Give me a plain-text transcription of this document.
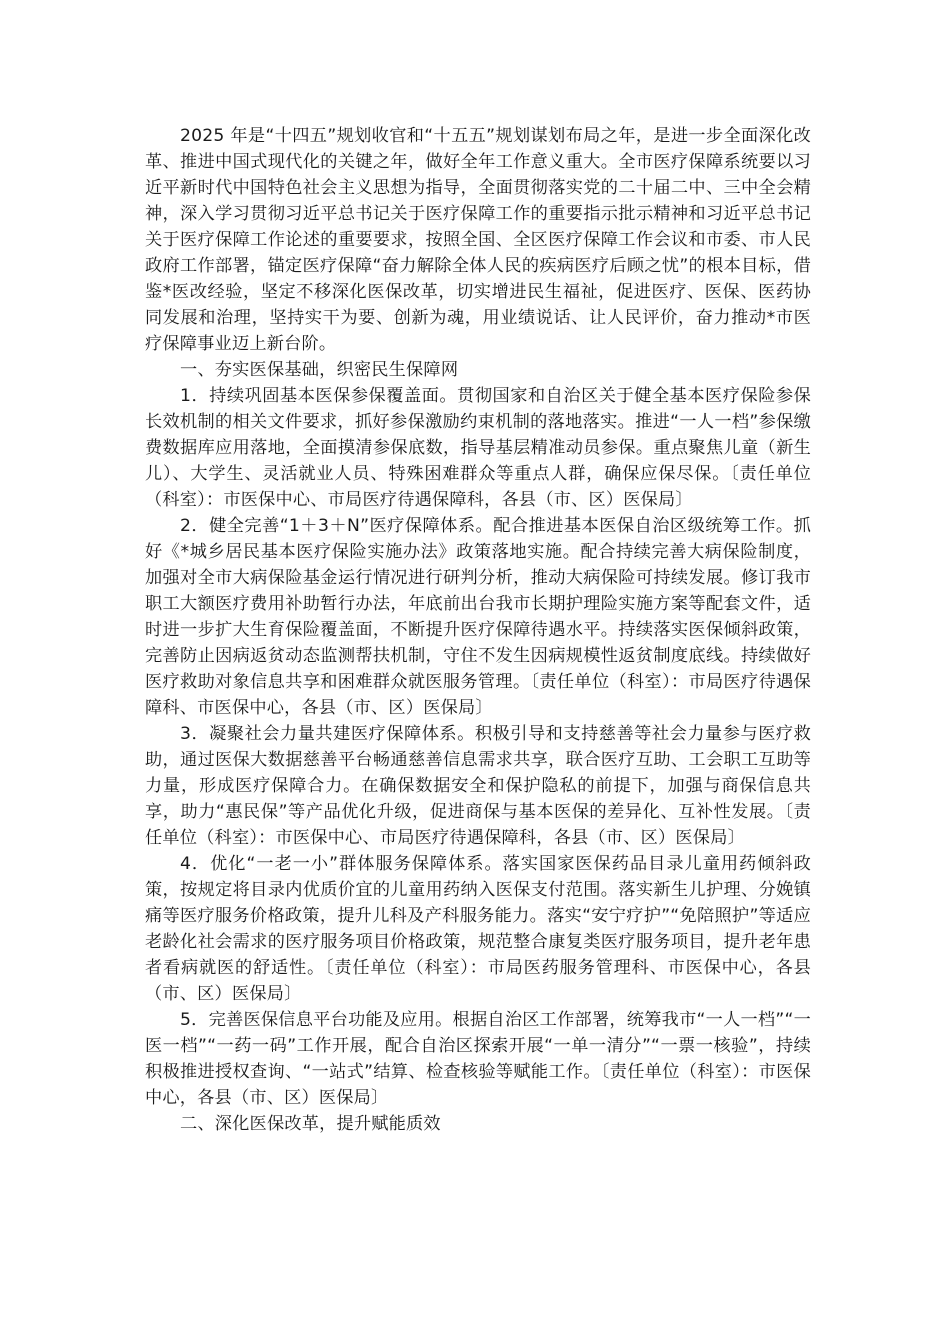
2025 年是“十四五”规划收官和“十五五”规划谋划布局之年，是进一步全面深化改革、推进中国式现代化的关键之年，做好全年工作意义重大。全市医疗保障系统要以习近平新时代中国特色社会主义思想为指导，全面贯彻落实党的二十届二中、三中全会精神，深入学习贯彻习近平总书记关于医疗保障工作的重要指示批示精神和习近平总书记关于医疗保障工作论述的重要要求，按照全国、全区医疗保障工作会议和市委、市人民政府工作部署，锚定医疗保障“奋力解除全体人民的疾病医疗后顾之忧”的根本目标，借鉴*医改经验，坚定不移深化医保改革，切实增进民生福祉，促进医疗、医保、医药协同发展和治理，坚持实干为要、创新为魂，用业绩说话、让人民评价，奋力推动*市医疗保障事业迈上新台阶。

一、夯实医保基础，织密民生保障网

1．持续巩固基本医保参保覆盖面。贯彻国家和自治区关于健全基本医疗保险参保长效机制的相关文件要求，抓好参保激励约束机制的落地落实。推进“一人一档”参保缴费数据库应用落地，全面摸清参保底数，指导基层精准动员参保。重点聚焦儿童（新生儿）、大学生、灵活就业人员、特殊困难群众等重点人群，确保应保尽保。〔责任单位（科室）：市医保中心、市局医疗待遇保障科，各县（市、区）医保局〕

2．健全完善“1＋3＋N”医疗保障体系。配合推进基本医保自治区级统筹工作。抓好《*城乡居民基本医疗保险实施办法》政策落地实施。配合持续完善大病保险制度，加强对全市大病保险基金运行情况进行研判分析，推动大病保险可持续发展。修订我市职工大额医疗费用补助暂行办法，年底前出台我市长期护理险实施方案等配套文件，适时进一步扩大生育保险覆盖面，不断提升医疗保障待遇水平。持续落实医保倾斜政策，完善防止因病返贫动态监测帮扶机制，守住不发生因病规模性返贫制度底线。持续做好医疗救助对象信息共享和困难群众就医服务管理。〔责任单位（科室）：市局医疗待遇保障科、市医保中心，各县（市、区）医保局〕

3．凝聚社会力量共建医疗保障体系。积极引导和支持慈善等社会力量参与医疗救助，通过医保大数据慈善平台畅通慈善信息需求共享，联合医疗互助、工会职工互助等力量，形成医疗保障合力。在确保数据安全和保护隐私的前提下，加强与商保信息共享，助力“惠民保”等产品优化升级，促进商保与基本医保的差异化、互补性发展。〔责任单位（科室）：市医保中心、市局医疗待遇保障科，各县（市、区）医保局〕

4．优化“一老一小”群体服务保障体系。落实国家医保药品目录儿童用药倾斜政策，按规定将目录内优质价宜的儿童用药纳入医保支付范围。落实新生儿护理、分娩镇痛等医疗服务价格政策，提升儿科及产科服务能力。落实“安宁疗护”“免陪照护”等适应老龄化社会需求的医疗服务项目价格政策，规范整合康复类医疗服务项目，提升老年患者看病就医的舒适性。〔责任单位（科室）：市局医药服务管理科、市医保中心，各县（市、区）医保局〕

5．完善医保信息平台功能及应用。根据自治区工作部署，统筹我市“一人一档”“一医一档”“一药一码”工作开展，配合自治区探索开展“一单一清分”“一票一核验”，持续积极推进授权查询、“一站式”结算、检查核验等赋能工作。〔责任单位（科室）：市医保中心，各县（市、区）医保局〕

二、深化医保改革，提升赋能质效
